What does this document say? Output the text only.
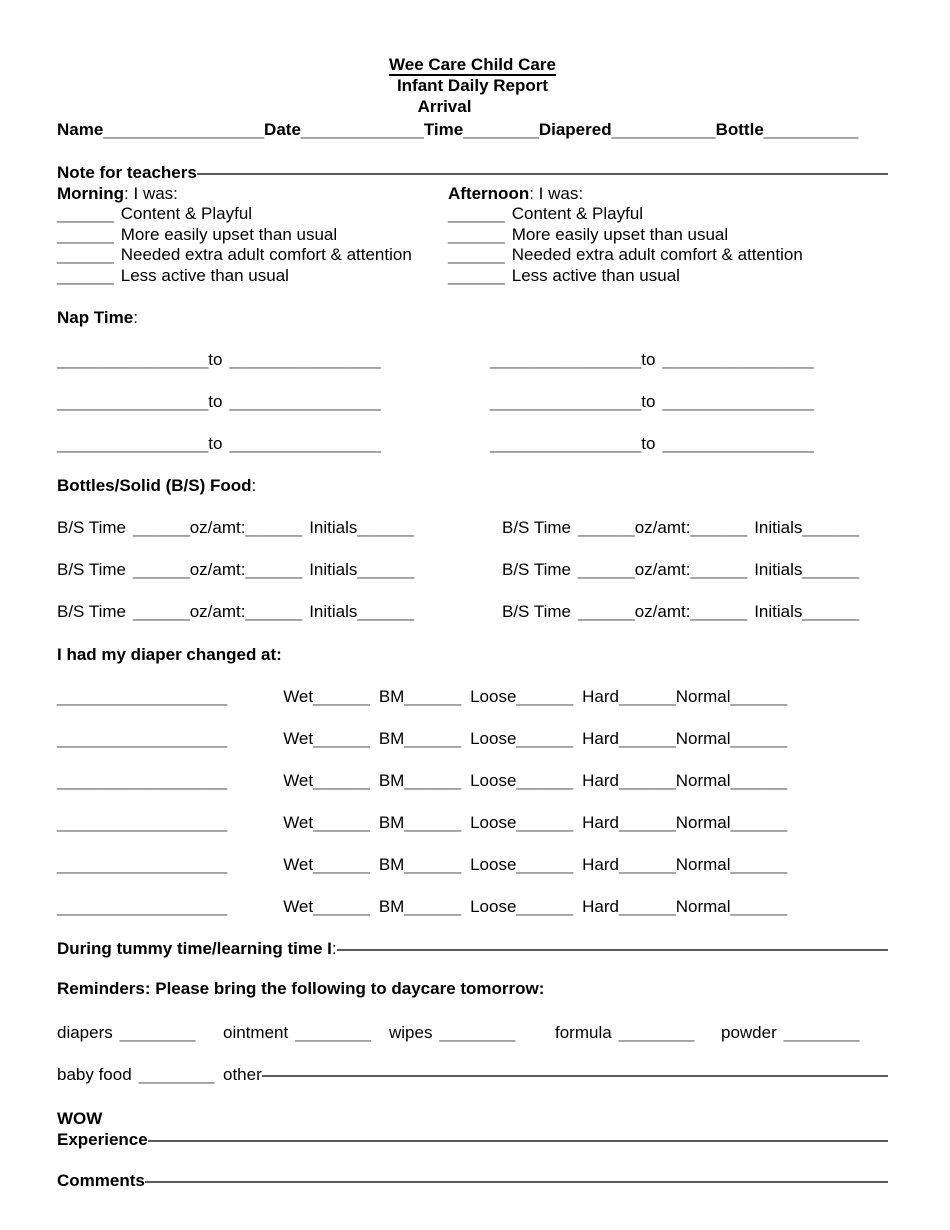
Wee Care Child Care
Infant Daily Report
Arrival
Name _________________ Date _____________ Time ________ Diapered ___________ Bottle __________
Note for teachers
Morning: I was:
______ Content & Playful
______ More easily upset than usual
______ Needed extra adult comfort & attention
______ Less active than usual
Afternoon: I was:
______ Content & Playful
______ More easily upset than usual
______ Needed extra adult comfort & attention
______ Less active than usual
Nap Time:
________________ to ________________	________________ to ________________
________________ to ________________	________________ to ________________
________________ to ________________	________________ to ________________
Bottles/Solid (B/S) Food:
B/S Time ______ oz/amt: ______ Initials ______	B/S Time ______ oz/amt: ______ Initials ______
B/S Time ______ oz/amt: ______ Initials ______	B/S Time ______ oz/amt: ______ Initials ______
B/S Time ______ oz/amt: ______ Initials ______	B/S Time ______ oz/amt: ______ Initials ______
I had my diaper changed at:
__________________	Wet ______ BM ______ Loose ______ Hard ______ Normal ______
__________________	Wet ______ BM ______ Loose ______ Hard ______ Normal ______
__________________	Wet ______ BM ______ Loose ______ Hard ______ Normal ______
__________________	Wet ______ BM ______ Loose ______ Hard ______ Normal ______
__________________	Wet ______ BM ______ Loose ______ Hard ______ Normal ______
__________________	Wet ______ BM ______ Loose ______ Hard ______ Normal ______
During tummy time/learning time I :
Reminders: Please bring the following to daycare tomorrow:
diapers ________ ointment ________ wipes ________ formula ________ powder ________
baby food ________ other
WOW
Experience
Comments
